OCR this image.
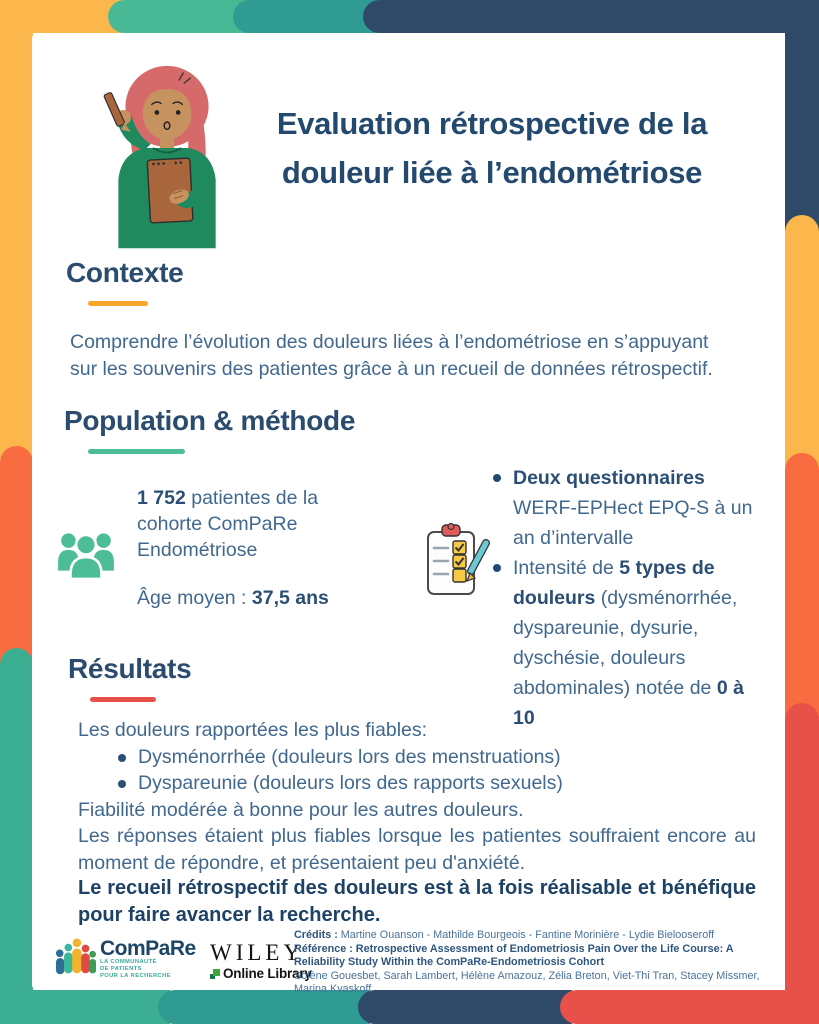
Evaluation rétrospective de la
douleur liée à l’endométriose
Contexte
Comprendre l’évolution des douleurs liées à l’endométriose en s’appuyant sur les souvenirs des patientes grâce à un recueil de données rétrospectif.
Population & méthode
1 752 patientes de la cohorte ComPaRe Endométriose
Âge moyen : 37,5 ans
Deux questionnaires WERF-EPHect EPQ-S à un an d’intervalle
Intensité de 5 types de douleurs (dysménorrhée, dyspareunie, dysurie, dyschésie, douleurs abdominales) notée de 0 à 10
Résultats
Les douleurs rapportées les plus fiables:
Dysménorrhée (douleurs lors des menstruations)
Dyspareunie (douleurs lors des rapports sexuels)
Fiabilité modérée à bonne pour les autres douleurs.
Les réponses étaient plus fiables lorsque les patientes souffraient encore au moment de répondre, et présentaient peu d'anxiété.
Le recueil rétrospectif des douleurs est à la fois réalisable et bénéfique pour faire avancer la recherche.
ComPaRe
LA COMMUNAUTÉ
DE PATIENTS
POUR LA RECHERCHE
WILEY
Online Library
Crédits : Martine Ouanson - Mathilde Bourgeois - Fantine Morinière - Lydie Bielooseroff
Référence : Retrospective Assessment of Endometriosis Pain Over the Life Course: A Reliability Study Within the ComPaRe-Endometriosis Cohort
Solène Gouesbet, Sarah Lambert, Hélène Amazouz, Zélia Breton, Viet-Thi Tran, Stacey Missmer, Marina Kvaskoff
